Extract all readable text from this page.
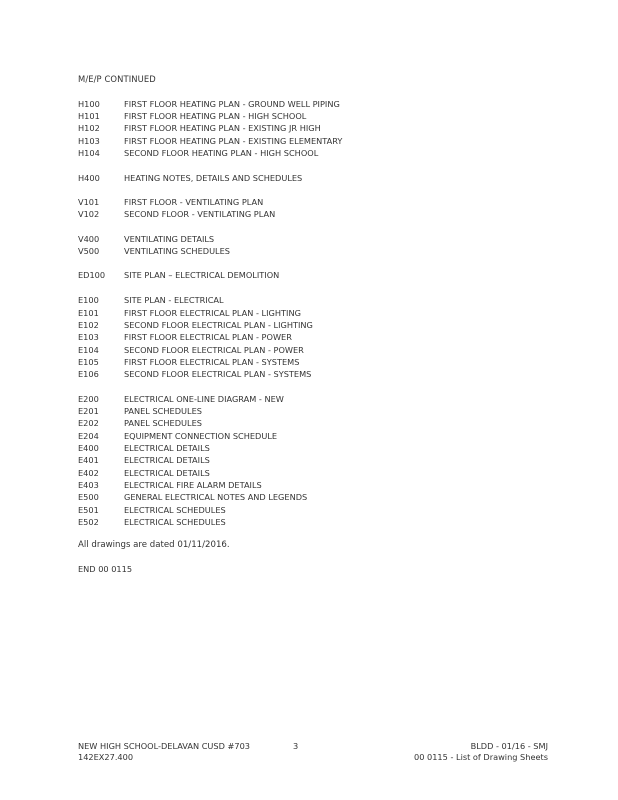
M/E/P CONTINUED
H100	FIRST FLOOR HEATING PLAN - GROUND WELL PIPING
H101	FIRST FLOOR HEATING PLAN - HIGH SCHOOL
H102	FIRST FLOOR HEATING PLAN - EXISTING JR HIGH
H103	FIRST FLOOR HEATING PLAN - EXISTING ELEMENTARY
H104	SECOND FLOOR HEATING PLAN - HIGH SCHOOL
H400	HEATING NOTES, DETAILS AND SCHEDULES
V101	FIRST FLOOR - VENTILATING PLAN
V102	SECOND FLOOR - VENTILATING PLAN
V400	VENTILATING DETAILS
V500	VENTILATING SCHEDULES
ED100 SITE PLAN – ELECTRICAL DEMOLITION
E100	SITE PLAN - ELECTRICAL
E101	FIRST FLOOR ELECTRICAL PLAN - LIGHTING
E102	SECOND FLOOR ELECTRICAL PLAN - LIGHTING
E103	FIRST FLOOR ELECTRICAL PLAN - POWER
E104	SECOND FLOOR ELECTRICAL PLAN - POWER
E105	FIRST FLOOR ELECTRICAL PLAN - SYSTEMS
E106	SECOND FLOOR ELECTRICAL PLAN - SYSTEMS
E200	ELECTRICAL ONE-LINE DIAGRAM - NEW
E201	PANEL SCHEDULES
E202	PANEL SCHEDULES
E204	EQUIPMENT CONNECTION SCHEDULE
E400	ELECTRICAL DETAILS
E401	ELECTRICAL DETAILS
E402	ELECTRICAL DETAILS
E403	ELECTRICAL FIRE ALARM DETAILS
E500	GENERAL ELECTRICAL NOTES AND LEGENDS
E501	ELECTRICAL SCHEDULES
E502	ELECTRICAL SCHEDULES
All drawings are dated 01/11/2016.
END 00 0115
NEW HIGH SCHOOL-DELAVAN CUSD #703
142EX27.400
3	BLDD - 01/16 - SMJ
00 0115 - List of Drawing Sheets
